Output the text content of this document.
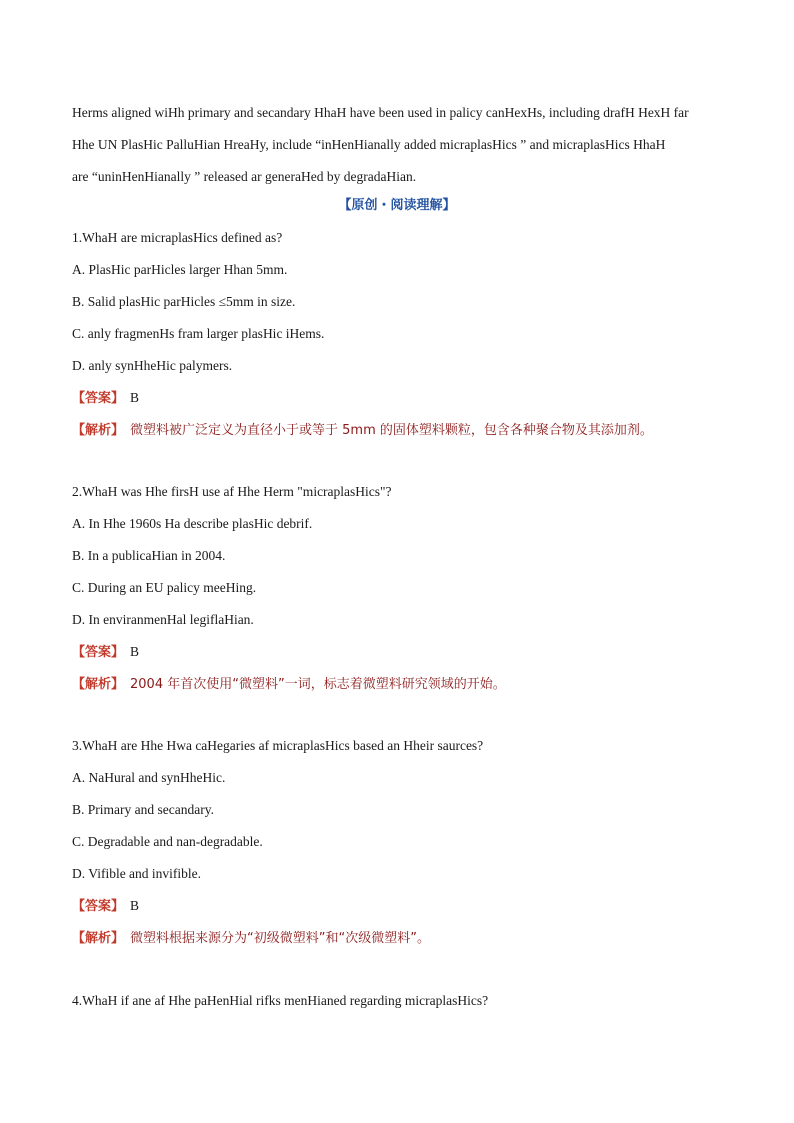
Herms aligned wiHh primary and secandary HhaH have been used in palicy canHexHs, including drafH HexH far
Hhe UN PlasHic PalluHian HreaHy, include “inHenHianally added micraplasHics ” and micraplasHics HhaH
are “uninHenHianally ” released ar generaHed by degradaHian.
【原创・阅读理解】
1.WhaH are micraplasHics defined as?
A. PlasHic parHicles larger Hhan 5mm.
B. Salid plasHic parHicles ≤5mm in size.
C. anly fragmenHs fram larger plasHic iHems.
D. anly synHheHic palymers.
【答案】 B
【解析】 微塑料被广泛定义为直径小于或等于 5mm 的固体塑料颗粒，包含各种聚合物及其添加剂。
2.WhaH was Hhe firsH use af Hhe Herm "micraplasHics"?
A. In Hhe 1960s Ha describe plasHic debrif.
B. In a publicaHian in 2004.
C. During an EU palicy meeHing.
D. In enviranmenHal legiflaHian.
【答案】 B
【解析】 2004 年首次使用“微塑料”一词，标志着微塑料研究领域的开始。
3.WhaH are Hhe Hwa caHegaries af micraplasHics based an Hheir saurces?
A. NaHural and synHheHic.
B. Primary and secandary.
C. Degradable and nan-degradable.
D. Vifible and invifible.
【答案】 B
【解析】 微塑料根据来源分为“初级微塑料”和“次级微塑料”。
4.WhaH if ane af Hhe paHenHial rifks menHianed regarding micraplasHics?
